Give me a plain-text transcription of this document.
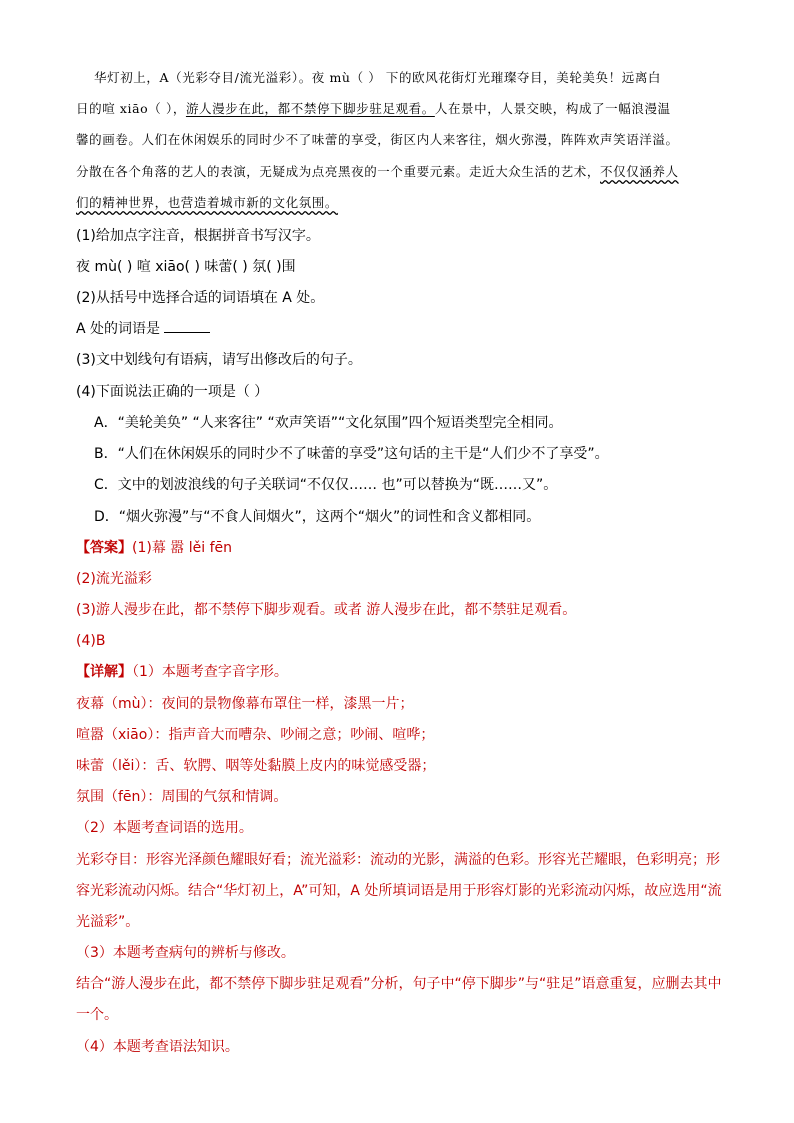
华灯初上，A（光彩夺目/流光溢彩）。夜 mù（ ） 下的欧风花街灯光璀璨夺目，美轮美奂！远离白

日的喧 xiāo（ ），游人漫步在此，都不禁停下脚步驻足观看。人在景中，人景交映，构成了一幅浪漫温

馨的画卷。人们在休闲娱乐的同时少不了味蕾的享受，街区内人来客往，烟火弥漫，阵阵欢声笑语洋溢。

分散在各个角落的艺人的表演，无疑成为点亮黑夜的一个重要元素。走近大众生活的艺术，不仅仅涵养人

们的精神世界，也营造着城市新的文化氛围。

(1)给加点字注音，根据拼音书写汉字。

夜 mù( ) 喧 xiāo( ) 味蕾( ) 氛( )围

(2)从括号中选择合适的词语填在 A 处。

A 处的词语是

(3)文中划线句有语病，请写出修改后的句子。

(4)下面说法正确的一项是（ ）

A．“美轮美奂” “人来客往” “欢声笑语”“文化氛围”四个短语类型完全相同。

B．“人们在休闲娱乐的同时少不了味蕾的享受”这句话的主干是“人们少不了享受”。

C．文中的划波浪线的句子关联词“不仅仅…… 也”可以替换为“既……又”。

D．“烟火弥漫”与“不食人间烟火”，这两个“烟火”的词性和含义都相同。

【答案】(1)幕 嚣 lěi fēn

(2)流光溢彩

(3)游人漫步在此，都不禁停下脚步观看。或者 游人漫步在此，都不禁驻足观看。

(4)B

【详解】（1）本题考查字音字形。

夜幕（mù）：夜间的景物像幕布罩住一样，漆黑一片；

喧嚣（xiāo）：指声音大而嘈杂、吵闹之意；吵闹、喧哗；

味蕾（lěi）：舌、软腭、咽等处黏膜上皮内的味觉感受器；

氛围（fēn）：周围的气氛和情调。

（2）本题考查词语的选用。

光彩夺目：形容光泽颜色耀眼好看；流光溢彩：流动的光影，满溢的色彩。形容光芒耀眼，色彩明亮；形

容光彩流动闪烁。结合“华灯初上，A”可知，A 处所填词语是用于形容灯影的光彩流动闪烁，故应选用“流

光溢彩”。

（3）本题考查病句的辨析与修改。

结合“游人漫步在此，都不禁停下脚步驻足观看”分析，句子中“停下脚步”与“驻足”语意重复，应删去其中

一个。

（4）本题考查语法知识。
